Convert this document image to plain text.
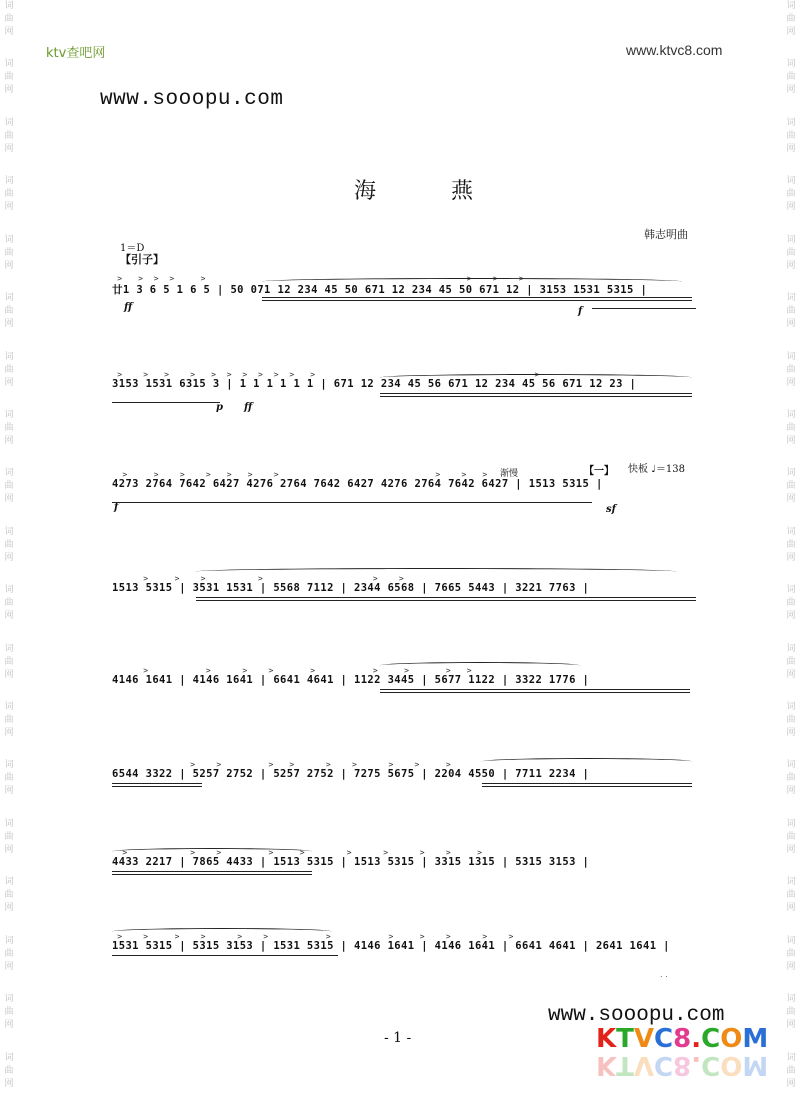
词
曲
网
词
曲
网
词
曲
网
词
曲
网
词
曲
网
词
曲
网
词
曲
网
词
曲
网
词
曲
网
词
曲
网
词
曲
网
词
曲
网
词
曲
网
词
曲
网
词
曲
网
词
曲
网
词
曲
网
词
曲
网
词
曲
网
词
曲
网
词
曲
网
词
曲
网
词
曲
网
词
曲
网
词
曲
网
词
曲
网
词
曲
网
词
曲
网
词
曲
网
词
曲
网
词
曲
网
词
曲
网
词
曲
网
词
曲
网
词
曲
网
词
曲
网
词
曲
网
词
曲
网
ktv查吧网	www.ktvc8.com
www.sooopu.com
海 燕
韩志明曲
1＝D
【引子】
渐慢	【一】 快板 ♩＝138
ff	f
p ff
f	sf
>   >  >  >     >                                                  >    >    >
廿1 3 6 5 1 6 5 | 50 071 12 234 45 50 671 12 234 45 50 671 12 | 3153 1531 5315 |
>    >   >    >   >  >  >  >  >  >   >                                          >
3153 1531 6315 3 | 1 1 1 1 1 1 | 671 12 234 45 56 671 12 234 45 56 671 12 23 |
>     >    >    >   >   >    >                              >    >   >
4273 2764 7642 6427 4276 2764 7642 6427 4276 2764 7642 6427 | 1513 5315 |
>     >    >          >                     >    >
1513 5315 | 3531 1531 | 5568 7112 | 2344 6568 | 7665 5443 | 3221 7763 |
>           >      >    >       >           >     >       >   >
4146 1641 | 4146 1641 | 6641 4641 | 1122 3445 | 5677 1122 | 3322 1776 |
>    >         >   >      >    >      >    >     >
6544 3322 | 5257 2752 | 5257 2752 | 7275 5675 | 2204 4550 | 7711 2234 |
>            >    >         >     >        >      >      >    >     >
4433 2217 | 7865 4433 | 1513 5315 | 1513 5315 | 3315 1315 | 5315 3153 |
>    >     >    >      >    >           >           >     >    >      >    >
1531 5315 | 5315 3153 | 1531 5315 | 4146 1641 | 4146 1641 | 6641 4641 | 2641 1641 |
. .
www.sooopu.com
- 1 -	KTVC8.COM
KTVC8.COM
